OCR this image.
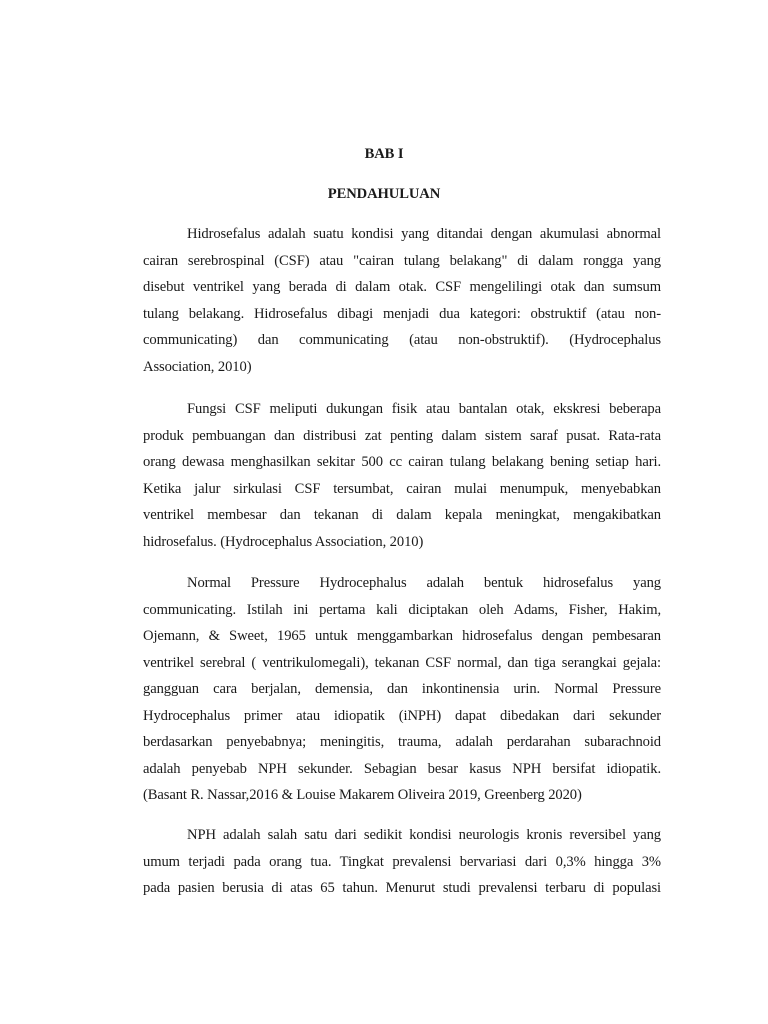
BAB I
PENDAHULUAN

Hidrosefalus adalah suatu kondisi yang ditandai dengan akumulasi abnormal
cairan serebrospinal (CSF) atau "cairan tulang belakang" di dalam rongga yang
disebut ventrikel yang berada di dalam otak. CSF mengelilingi otak dan sumsum
tulang belakang. Hidrosefalus dibagi menjadi dua kategori: obstruktif (atau non-
communicating) dan communicating (atau non-obstruktif). (Hydrocephalus
Association, 2010)

Fungsi CSF meliputi dukungan fisik atau bantalan otak, ekskresi beberapa
produk pembuangan dan distribusi zat penting dalam sistem saraf pusat. Rata-rata
orang dewasa menghasilkan sekitar 500 cc cairan tulang belakang bening setiap hari.
Ketika jalur sirkulasi CSF tersumbat, cairan mulai menumpuk, menyebabkan
ventrikel membesar dan tekanan di dalam kepala meningkat, mengakibatkan
hidrosefalus. (Hydrocephalus Association, 2010)

Normal Pressure Hydrocephalus adalah bentuk hidrosefalus yang
communicating. Istilah ini pertama kali diciptakan oleh Adams, Fisher, Hakim,
Ojemann, & Sweet, 1965 untuk menggambarkan hidrosefalus dengan pembesaran
ventrikel serebral ( ventrikulomegali), tekanan CSF normal, dan tiga serangkai gejala:
gangguan cara berjalan, demensia, dan inkontinensia urin. Normal Pressure
Hydrocephalus primer atau idiopatik (iNPH) dapat dibedakan dari sekunder
berdasarkan penyebabnya; meningitis, trauma, adalah perdarahan subarachnoid
adalah penyebab NPH sekunder. Sebagian besar kasus NPH bersifat idiopatik.
(Basant R. Nassar,2016 & Louise Makarem Oliveira 2019, Greenberg 2020)

NPH adalah salah satu dari sedikit kondisi neurologis kronis reversibel yang
umum terjadi pada orang tua. Tingkat prevalensi bervariasi dari 0,3% hingga 3%
pada pasien berusia di atas 65 tahun. Menurut studi prevalensi terbaru di populasi
